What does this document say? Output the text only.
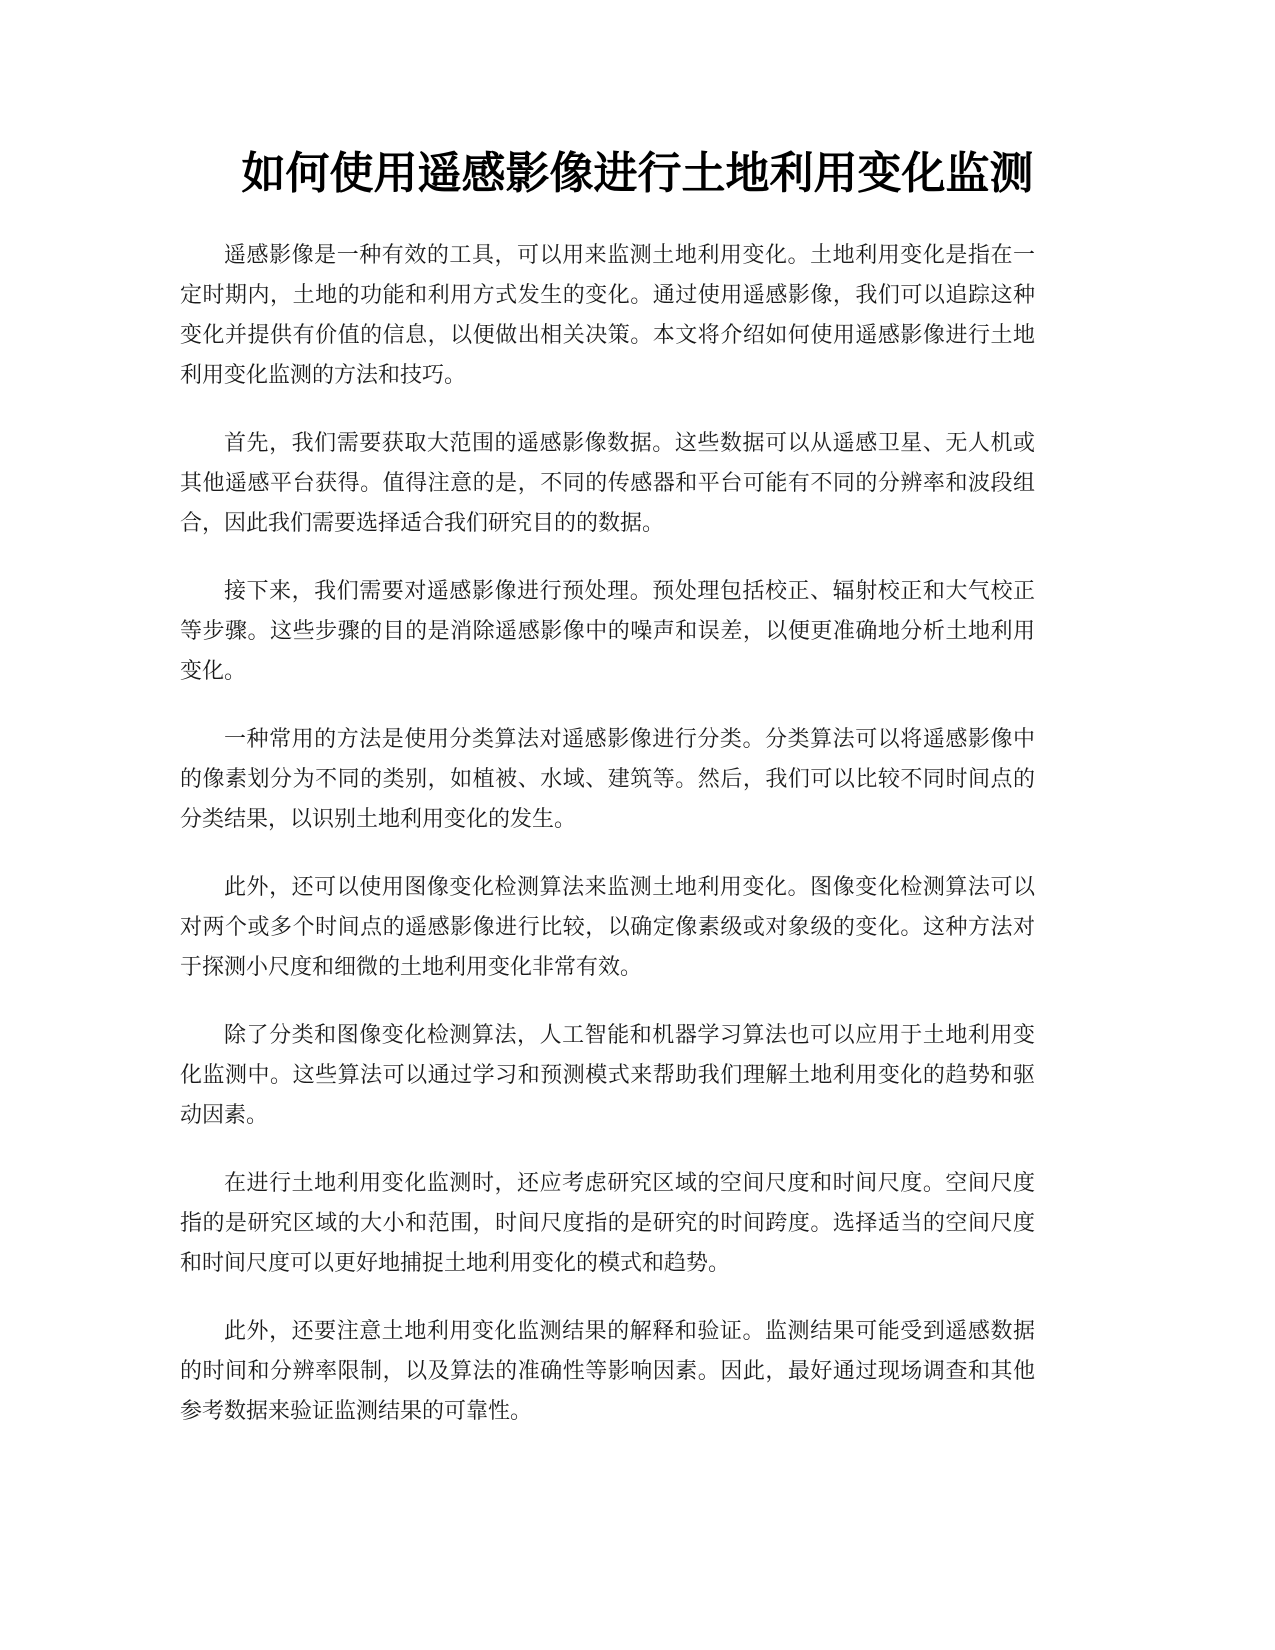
如何使用遥感影像进行土地利用变化监测

遥感影像是一种有效的工具，可以用来监测土地利用变化。土地利用变化是指在一定时期内，土地的功能和利用方式发生的变化。通过使用遥感影像，我们可以追踪这种变化并提供有价值的信息，以便做出相关决策。本文将介绍如何使用遥感影像进行土地利用变化监测的方法和技巧。

首先，我们需要获取大范围的遥感影像数据。这些数据可以从遥感卫星、无人机或其他遥感平台获得。值得注意的是，不同的传感器和平台可能有不同的分辨率和波段组合，因此我们需要选择适合我们研究目的的数据。

接下来，我们需要对遥感影像进行预处理。预处理包括校正、辐射校正和大气校正等步骤。这些步骤的目的是消除遥感影像中的噪声和误差，以便更准确地分析土地利用变化。

一种常用的方法是使用分类算法对遥感影像进行分类。分类算法可以将遥感影像中的像素划分为不同的类别，如植被、水域、建筑等。然后，我们可以比较不同时间点的分类结果，以识别土地利用变化的发生。

此外，还可以使用图像变化检测算法来监测土地利用变化。图像变化检测算法可以对两个或多个时间点的遥感影像进行比较，以确定像素级或对象级的变化。这种方法对于探测小尺度和细微的土地利用变化非常有效。

除了分类和图像变化检测算法，人工智能和机器学习算法也可以应用于土地利用变化监测中。这些算法可以通过学习和预测模式来帮助我们理解土地利用变化的趋势和驱动因素。

在进行土地利用变化监测时，还应考虑研究区域的空间尺度和时间尺度。空间尺度指的是研究区域的大小和范围，时间尺度指的是研究的时间跨度。选择适当的空间尺度和时间尺度可以更好地捕捉土地利用变化的模式和趋势。

此外，还要注意土地利用变化监测结果的解释和验证。监测结果可能受到遥感数据的时间和分辨率限制，以及算法的准确性等影响因素。因此，最好通过现场调查和其他参考数据来验证监测结果的可靠性。
